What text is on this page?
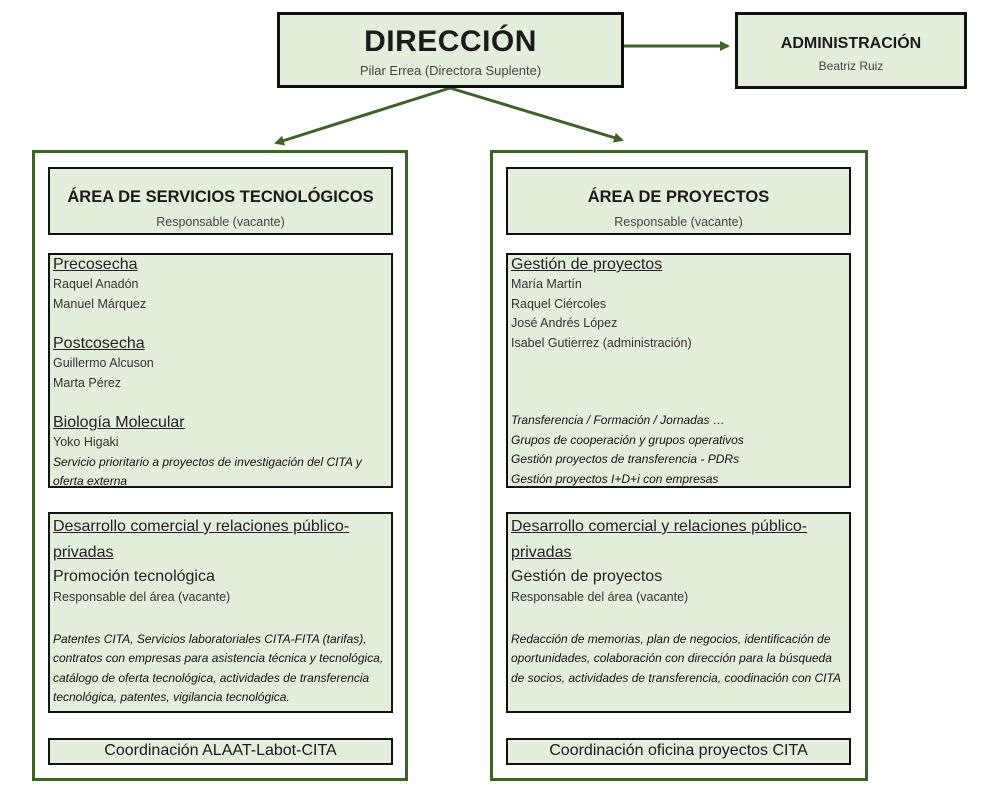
DIRECCIÓN
Pilar Errea (Directora Suplente)
ADMINISTRACIÓN
Beatriz Ruiz
ÁREA DE SERVICIOS TECNOLÓGICOS
Responsable (vacante)
ÁREA DE PROYECTOS
Responsable (vacante)
Precosecha
Raquel Anadón
Manuel Márquez
Postcosecha
Guillermo Alcuson
Marta Pérez
Biología Molecular
Yoko Higaki
Servicio prioritario a proyectos de investigación del CITA y oferta externa
Gestión de proyectos
María Martín
Raquel Ciércoles
José Andrés López
Isabel Gutierrez (administración)
Transferencia / Formación / Jornadas …
Grupos de cooperación y grupos operativos
Gestión proyectos de transferencia - PDRs
Gestión proyectos I+D+i con empresas
Desarrollo comercial y relaciones público-privadas
Promoción tecnológica
Responsable del área (vacante)
Patentes CITA, Servicios laboratoriales CITA-FITA (tarifas), contratos con empresas para asistencia técnica y tecnológica, catálogo de oferta tecnológica, actividades de transferencia tecnológica, patentes, vigilancia tecnológica.
Desarrollo comercial y relaciones público-privadas
Gestión de proyectos
Responsable del área (vacante)
Redacción de memorias, plan de negocios, identificación de oportunidades, colaboración con dirección para la búsqueda de socios, actividades de transferencia, coodinación con CITA
Coordinación ALAAT-Labot-CITA	Coordinación oficina proyectos CITA
